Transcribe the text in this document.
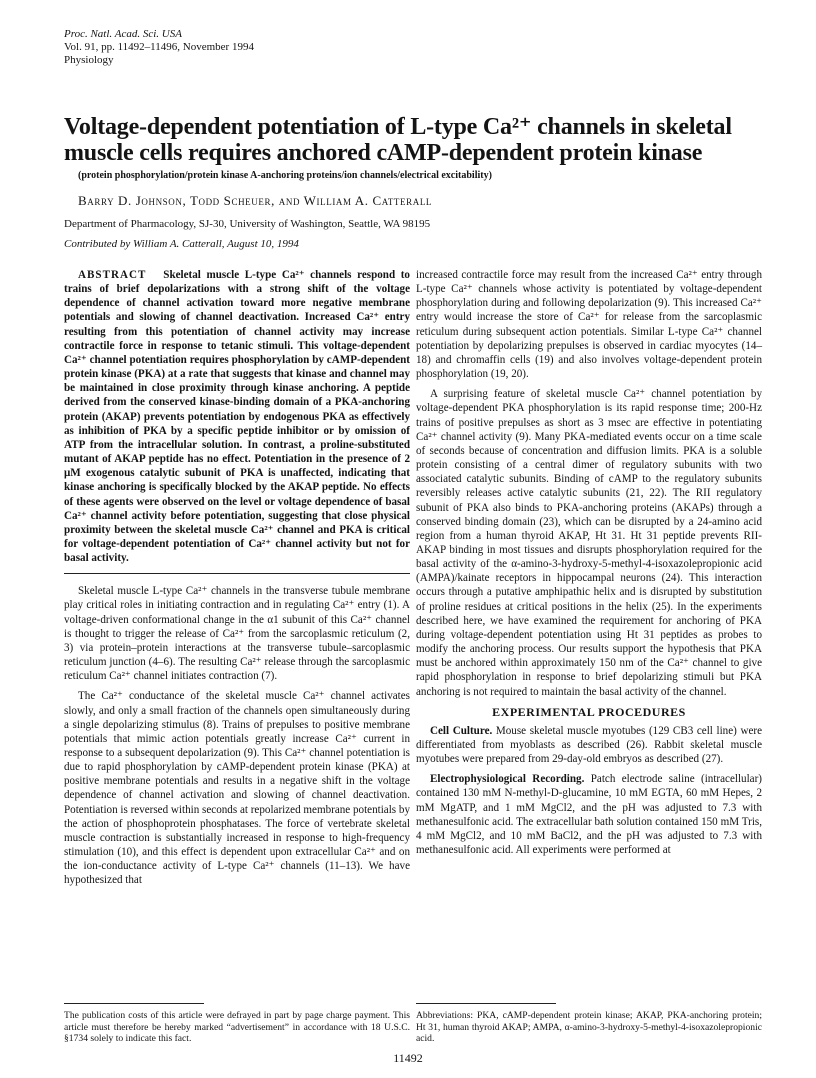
Proc. Natl. Acad. Sci. USA
Vol. 91, pp. 11492–11496, November 1994
Physiology
Voltage-dependent potentiation of L-type Ca²⁺ channels in skeletal muscle cells requires anchored cAMP-dependent protein kinase
(protein phosphorylation/protein kinase A-anchoring proteins/ion channels/electrical excitability)
Barry D. Johnson, Todd Scheuer, and William A. Catterall
Department of Pharmacology, SJ-30, University of Washington, Seattle, WA 98195
Contributed by William A. Catterall, August 10, 1994

ABSTRACT Skeletal muscle L-type Ca²⁺ channels respond to trains of brief depolarizations with a strong shift of the voltage dependence of channel activation toward more negative membrane potentials and slowing of channel deactivation. Increased Ca²⁺ entry resulting from this potentiation of channel activity may increase contractile force in response to tetanic stimuli. This voltage-dependent Ca²⁺ channel potentiation requires phosphorylation by cAMP-dependent protein kinase (PKA) at a rate that suggests that kinase and channel may be maintained in close proximity through kinase anchoring. A peptide derived from the conserved kinase-binding domain of a PKA-anchoring protein (AKAP) prevents potentiation by endogenous PKA as effectively as inhibition of PKA by a specific peptide inhibitor or by omission of ATP from the intracellular solution. In contrast, a proline-substituted mutant of AKAP peptide has no effect. Potentiation in the presence of 2 μM exogenous catalytic subunit of PKA is unaffected, indicating that kinase anchoring is specifically blocked by the AKAP peptide. No effects of these agents were observed on the level or voltage dependence of basal Ca²⁺ channel activity before potentiation, suggesting that close physical proximity between the skeletal muscle Ca²⁺ channel and PKA is critical for voltage-dependent potentiation of Ca²⁺ channel activity but not for basal activity.

Skeletal muscle L-type Ca²⁺ channels in the transverse tubule membrane play critical roles in initiating contraction and in regulating Ca²⁺ entry (1). A voltage-driven conformational change in the α1 subunit of this Ca²⁺ channel is thought to trigger the release of Ca²⁺ from the sarcoplasmic reticulum (2, 3) via protein–protein interactions at the transverse tubule–sarcoplasmic reticulum junction (4–6). The resulting Ca²⁺ release through the sarcoplasmic reticulum Ca²⁺ channel initiates contraction (7).

The Ca²⁺ conductance of the skeletal muscle Ca²⁺ channel activates slowly, and only a small fraction of the channels open simultaneously during a single depolarizing stimulus (8). Trains of prepulses to positive membrane potentials that mimic action potentials greatly increase Ca²⁺ current in response to a subsequent depolarization (9). This Ca²⁺ channel potentiation is due to rapid phosphorylation by cAMP-dependent protein kinase (PKA) at positive membrane potentials and results in a negative shift in the voltage dependence of channel activation and slowing of channel deactivation. Potentiation is reversed within seconds at repolarized membrane potentials by the action of phosphoprotein phosphatases. The force of vertebrate skeletal muscle contraction is substantially increased in response to high-frequency stimulation (10), and this effect is dependent upon extracellular Ca²⁺ and on the ion-conductance activity of L-type Ca²⁺ channels (11–13). We have hypothesized that

increased contractile force may result from the increased Ca²⁺ entry through L-type Ca²⁺ channels whose activity is potentiated by voltage-dependent phosphorylation during and following depolarization (9). This increased Ca²⁺ entry would increase the store of Ca²⁺ for release from the sarcoplasmic reticulum during subsequent action potentials. Similar L-type Ca²⁺ channel potentiation by depolarizing prepulses is observed in cardiac myocytes (14–18) and chromaffin cells (19) and also involves voltage-dependent protein phosphorylation (19, 20).

A surprising feature of skeletal muscle Ca²⁺ channel potentiation by voltage-dependent PKA phosphorylation is its rapid response time; 200-Hz trains of positive prepulses as short as 3 msec are effective in potentiating Ca²⁺ channel activity (9). Many PKA-mediated events occur on a time scale of seconds because of concentration and diffusion limits. PKA is a soluble protein consisting of a central dimer of regulatory subunits with two associated catalytic subunits. Binding of cAMP to the regulatory subunits reversibly releases active catalytic subunits (21, 22). The RII regulatory subunit of PKA also binds to PKA-anchoring proteins (AKAPs) through a conserved binding domain (23), which can be disrupted by a 24-amino acid region from a human thyroid AKAP, Ht 31. Ht 31 peptide prevents RII-AKAP binding in most tissues and disrupts phosphorylation required for the basal activity of the α-amino-3-hydroxy-5-methyl-4-isoxazolepropionic acid (AMPA)/kainate receptors in hippocampal neurons (24). This interaction occurs through a putative amphipathic helix and is disrupted by substitution of proline residues at critical positions in the helix (25). In the experiments described here, we have examined the requirement for anchoring of PKA during voltage-dependent potentiation using Ht 31 peptides as probes to modify the anchoring process. Our results support the hypothesis that PKA must be anchored within approximately 150 nm of the Ca²⁺ channel to give rapid phosphorylation in response to brief depolarizing stimuli but PKA anchoring is not required to maintain the basal activity of the channel.

EXPERIMENTAL PROCEDURES

Cell Culture. Mouse skeletal muscle myotubes (129 CB3 cell line) were differentiated from myoblasts as described (26). Rabbit skeletal muscle myotubes were prepared from 29-day-old embryos as described (27).

Electrophysiological Recording. Patch electrode saline (intracellular) contained 130 mM N-methyl-D-glucamine, 10 mM EGTA, 60 mM Hepes, 2 mM MgATP, and 1 mM MgCl2, and the pH was adjusted to 7.3 with methanesulfonic acid. The extracellular bath solution contained 150 mM Tris, 4 mM MgCl2, and 10 mM BaCl2, and the pH was adjusted to 7.3 with methanesulfonic acid. All experiments were performed at

The publication costs of this article were defrayed in part by page charge payment. This article must therefore be hereby marked “advertisement” in accordance with 18 U.S.C. §1734 solely to indicate this fact.
Abbreviations: PKA, cAMP-dependent protein kinase; AKAP, PKA-anchoring protein; Ht 31, human thyroid AKAP; AMPA, α-amino-3-hydroxy-5-methyl-4-isoxazolepropionic acid.
11492
